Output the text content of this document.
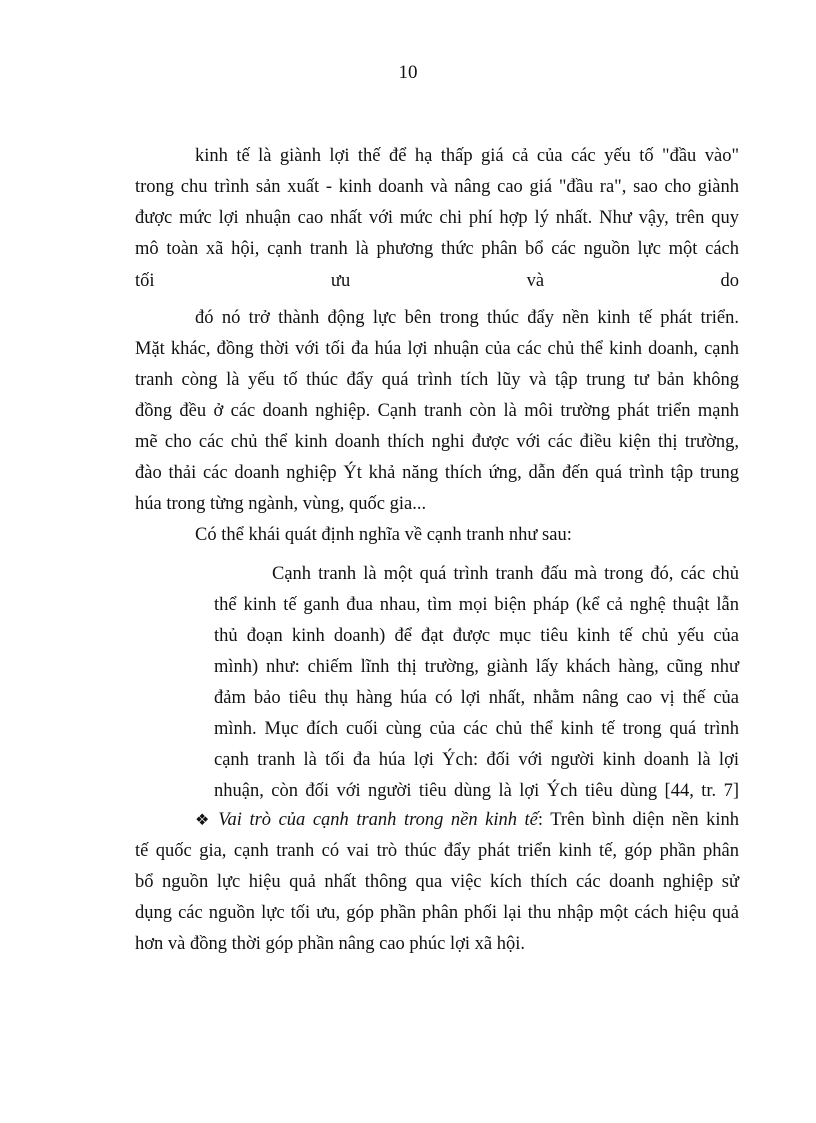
10
kinh tế là giành lợi thế để hạ thấp giá cả của các yếu tố "đầu vào"
trong chu trình sản xuất - kinh doanh và nâng cao giá "đầu ra", sao cho giành
được mức lợi nhuận cao nhất với mức chi phí hợp lý nhất. Như vậy, trên quy
mô toàn xã hội, cạnh tranh là phương thức phân bổ các nguồn lực một cách
tối ưu và do
đó nó trở thành động lực bên trong thúc đẩy nền kinh tế phát triển.
Mặt khác, đồng thời với tối đa húa lợi nhuận của các chủ thể kinh doanh, cạnh
tranh còng là yếu tố thúc đẩy quá trình tích lũy và tập trung tư bản không
đồng đều ở các doanh nghiệp. Cạnh tranh còn là môi trường phát triển mạnh
mẽ cho các chủ thể kinh doanh thích nghi được với các điều kiện thị trường,
đào thải các doanh nghiệp Ýt khả năng thích ứng, dẫn đến quá trình tập trung
húa trong từng ngành, vùng, quốc gia...
Có thể khái quát định nghĩa về cạnh tranh như sau:
Cạnh tranh là một quá trình tranh đấu mà trong đó, các chủ
thể kinh tế ganh đua nhau, tìm mọi biện pháp (kể cả nghệ thuật lẫn
thủ đoạn kinh doanh) để đạt được mục tiêu kinh tế chủ yếu của
mình) như: chiếm lĩnh thị trường, giành lấy khách hàng, cũng như
đảm bảo tiêu thụ hàng húa có lợi nhất, nhằm nâng cao vị thế của
mình. Mục đích cuối cùng của các chủ thể kinh tế trong quá trình
cạnh tranh là tối đa húa lợi Ých: đối với người kinh doanh là lợi
nhuận, còn đối với người tiêu dùng là lợi Ých tiêu dùng [44, tr. 7]
❖ Vai trò của cạnh tranh trong nền kinh tế: Trên bình diện nền kinh
tế quốc gia, cạnh tranh có vai trò thúc đẩy phát triển kinh tế, góp phần phân
bổ nguồn lực hiệu quả nhất thông qua việc kích thích các doanh nghiệp sử
dụng các nguồn lực tối ưu, góp phần phân phối lại thu nhập một cách hiệu quả
hơn và đồng thời góp phần nâng cao phúc lợi xã hội.
